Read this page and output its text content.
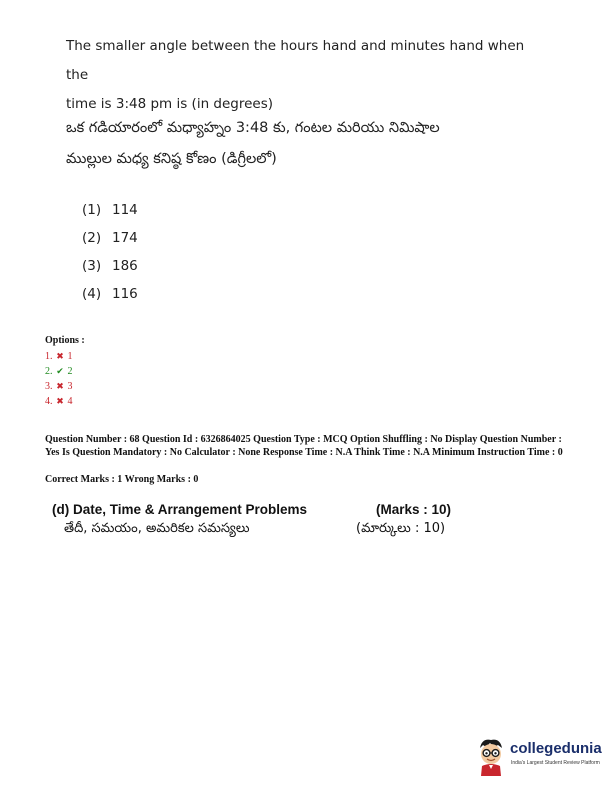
The smaller angle between the hours hand and minutes hand when the
time is 3:48 pm is (in degrees)
ఒక గడియారంలో మధ్యాహ్నం 3:48 కు, గంటల మరియు నిమిషాల
ముల్లుల మధ్య కనిష్ఠ కోణం (డిగ్రీలలో)
(1) 114
(2) 174
(3) 186
(4) 116
Options :
1. ✖ 1
2. ✔ 2
3. ✖ 3
4. ✖ 4
Question Number : 68 Question Id : 6326864025 Question Type : MCQ Option Shuffling : No Display Question Number : Yes Is Question Mandatory : No Calculator : None Response Time : N.A Think Time : N.A Minimum Instruction Time : 0
Correct Marks : 1 Wrong Marks : 0
(d) Date, Time & Arrangement Problems	(Marks : 10)
తేదీ, సమయం, అమరికల సమస్యలు	(మార్కులు : 10)
collegedunia
India's Largest Student Review Platform
